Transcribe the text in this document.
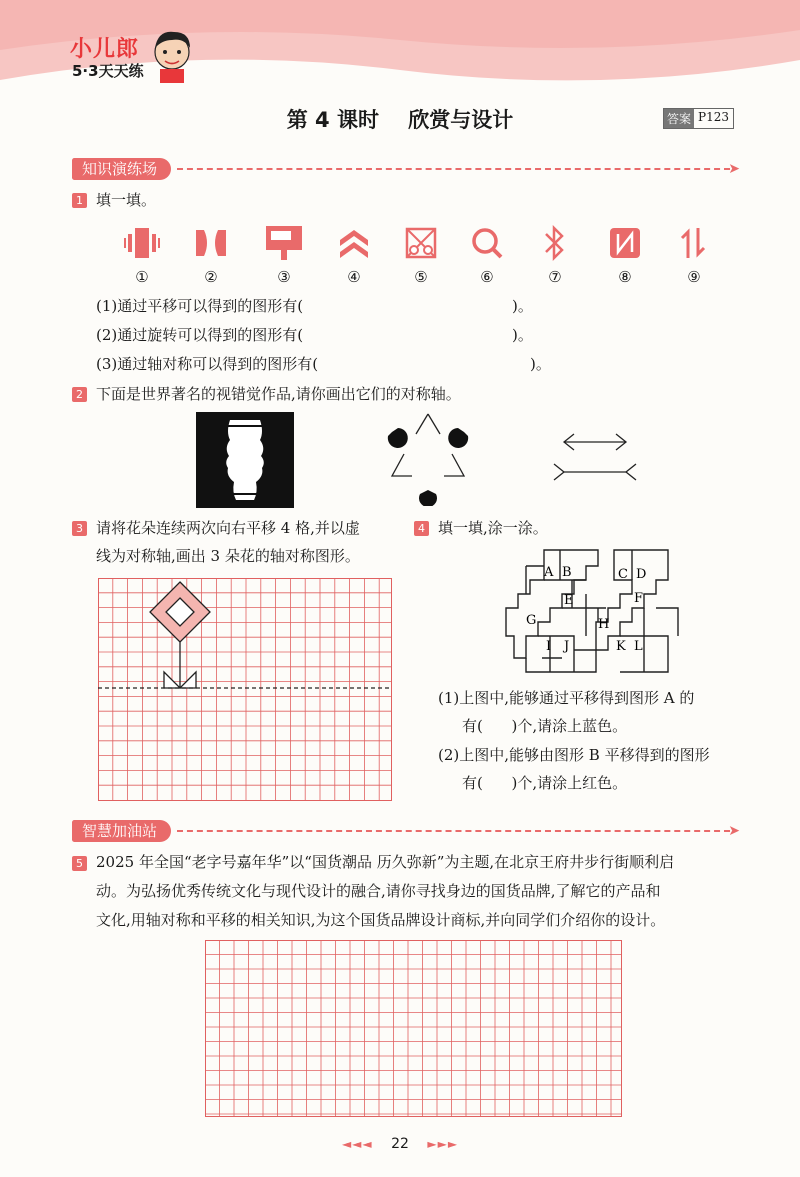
小儿郎
5·3天天练
第 4 课时    欣赏与设计	答案 P123
知识演练场	➤
1 填一填。
①	②	③	④	⑤	⑥	⑦	⑧	⑨
(1)通过平移可以得到的图形有(	)。
(2)通过旋转可以得到的图形有(	)。
(3)通过轴对称可以得到的图形有(	)。
2 下面是世界著名的视错觉作品,请你画出它们的对称轴。
3 请将花朵连续两次向右平移 4 格,并以虚
线为对称轴,画出 3 朵花的轴对称图形。
4 填一填,涂一涂。
A B	C D
E	F
G	H
I J	K L
(1)上图中,能够通过平移得到图形 A 的
有(      )个,请涂上蓝色。
(2)上图中,能够由图形 B 平移得到的图形
有(      )个,请涂上红色。
智慧加油站	➤
5 2025 年全国“老字号嘉年华”以“国货潮品 历久弥新”为主题,在北京王府井步行街顺利启
动。为弘扬优秀传统文化与现代设计的融合,请你寻找身边的国货品牌,了解它的产品和
文化,用轴对称和平移的相关知识,为这个国货品牌设计商标,并向同学们介绍你的设计。
◄◄◄ 22 ►►►
